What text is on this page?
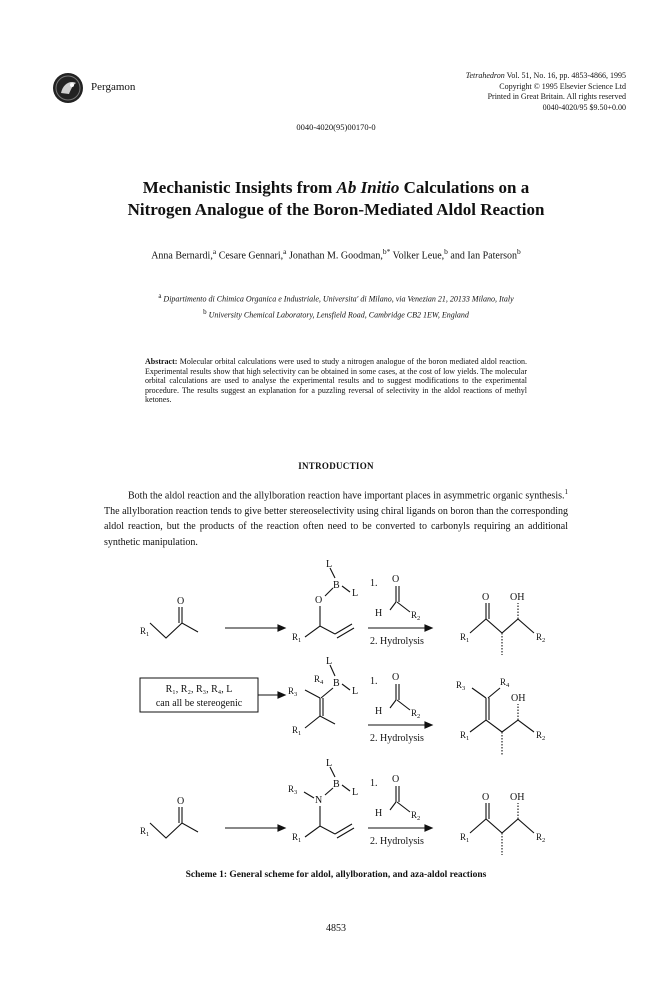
Pergamon
Tetrahedron Vol. 51, No. 16, pp. 4853-4866, 1995
Copyright © 1995 Elsevier Science Ltd
Printed in Great Britain. All rights reserved
0040-4020/95 $9.50+0.00
0040-4020(95)00170-0
Mechanistic Insights from Ab Initio Calculations on a
Nitrogen Analogue of the Boron-Mediated Aldol Reaction
Anna Bernardi,$^a$ Cesare Gennari,$^a$ Jonathan M. Goodman,$^{b*}$ Volker Leue,$^b$ and Ian Paterson$^b$
$^a$ Dipartimento di Chimica Organica e Industriale, Universita' di Milano, via Venezian 21, 20133 Milano, Italy
$^b$ University Chemical Laboratory, Lensfield Road, Cambridge CB2 1EW, England
Abstract: Molecular orbital calculations were used to study a nitrogen analogue of the boron mediated aldol reaction. Experimental results show that high selectivity can be obtained in some cases, at the cost of low yields. The molecular orbital calculations are used to analyse the experimental results and to suggest modifications to the experimental procedure. The results suggest an explanation for a puzzling reversal of selectivity in the aldol reactions of methyl ketones.
INTRODUCTION

Both the aldol reaction and the allylboration reaction have important places in asymmetric organic synthesis.$^1$ The allylboration reaction tends to give better stereoselectivity using chiral ligands on boron than the corresponding aldol reaction, but the products of the reaction often need to be converted to carbonyls requiring an additional synthetic manipulation.

O
$R_1$
O
B
L
L
$R_1$
1. O
H	$R_2$
2. Hydrolysis
O OH
$R_1$	$R_2$
R₁, R₂, R₃, R₄, L
can all be stereogenic
B
L
L
$R_3$
$R_4$
$R_1$
1. O
H	$R_2$
2. Hydrolysis
OH
$R_3$
$R_4$
$R_1$	$R_2$
O
$R_1$
N
$R_3$
B
L
L
$R_1$
1. O
H	$R_2$
2. Hydrolysis
O OH
$R_1$	$R_2$
Scheme 1: General scheme for aldol, allylboration, and aza-aldol reactions
4853
